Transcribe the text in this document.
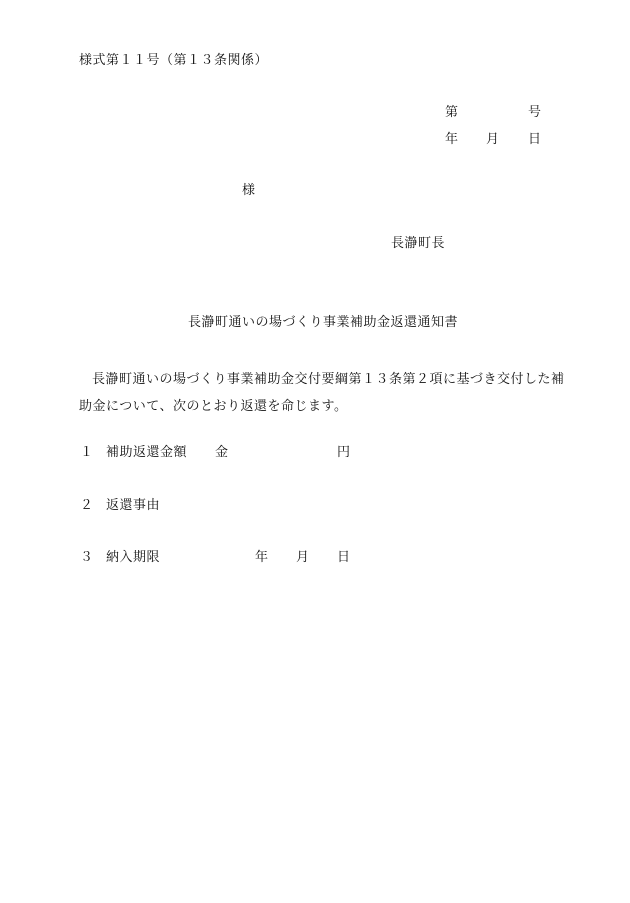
様式第１１号（第１３条関係）
第	号
年 月 日
様
長瀞町長
長瀞町通いの場づくり事業補助金返還通知書
長瀞町通いの場づくり事業補助金交付要綱第１３条第２項に基づき交付した補助金について、次のとおり返還を命じます。
１ 補助返還金額 金	円
２ 返還事由
３ 納入期限	年 月 日
